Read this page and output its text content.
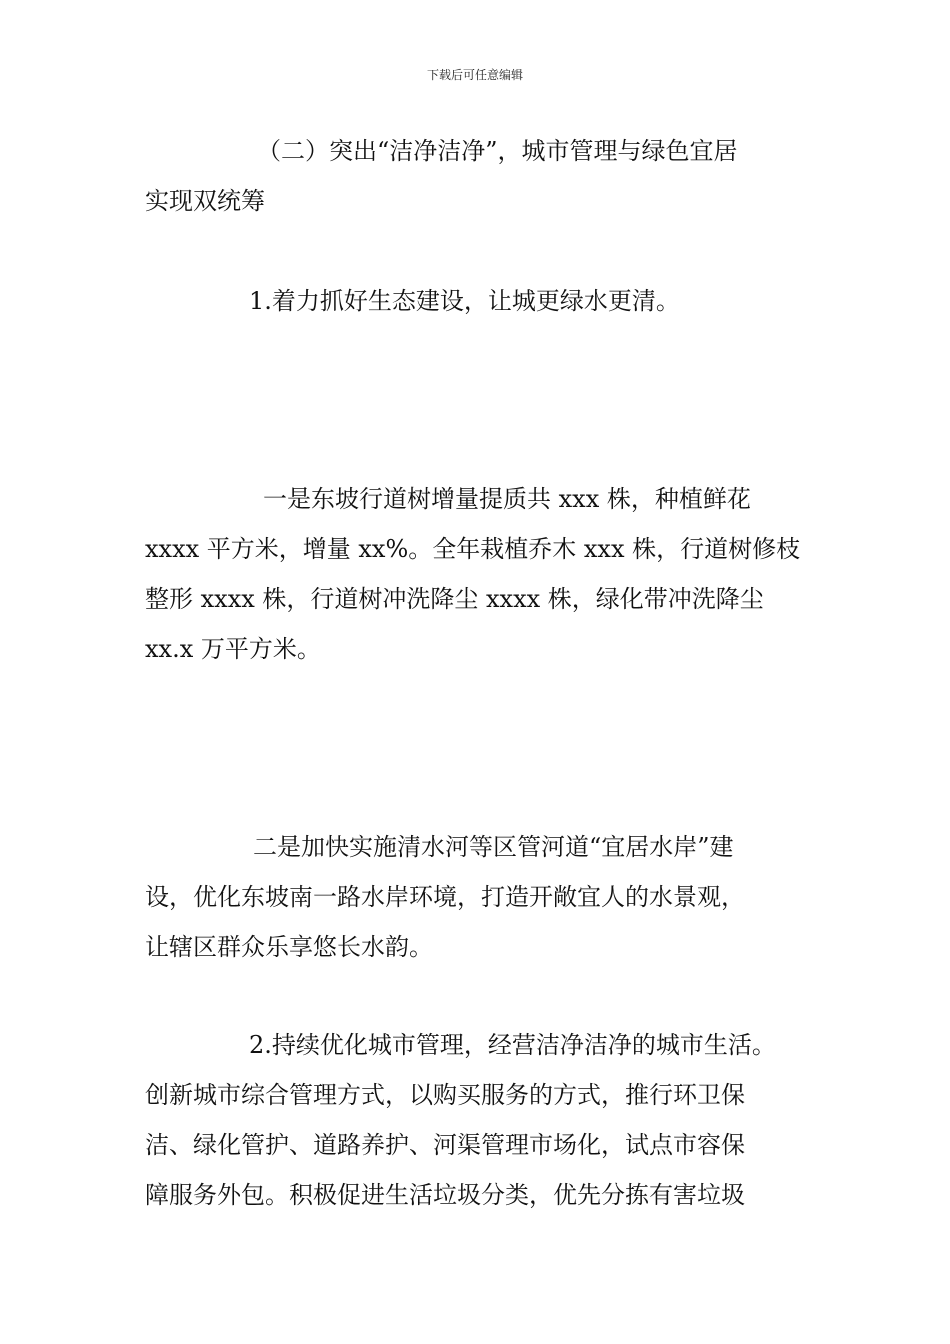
下载后可任意编辑
（二）突出“洁净洁净”，城市管理与绿色宜居
实现双统筹
1.着力抓好生态建设，让城更绿水更清。
一是东坡行道树增量提质共 xxx 株，种植鲜花
xxxx 平方米，增量 xx%。全年栽植乔木 xxx 株，行道树修枝
整形 xxxx 株，行道树冲洗降尘 xxxx 株，绿化带冲洗降尘
xx.x 万平方米。
二是加快实施清水河等区管河道“宜居水岸”建
设，优化东坡南一路水岸环境，打造开敞宜人的水景观，
让辖区群众乐享悠长水韵。
2.持续优化城市管理，经营洁净洁净的城市生活。
创新城市综合管理方式，以购买服务的方式，推行环卫保
洁、绿化管护、道路养护、河渠管理市场化，试点市容保
障服务外包。积极促进生活垃圾分类，优先分拣有害垃圾
